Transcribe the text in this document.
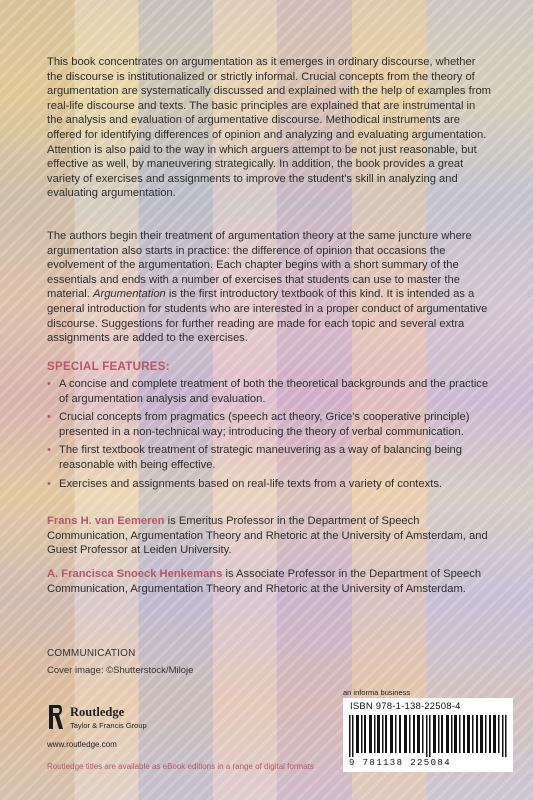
This book concentrates on argumentation as it emerges in ordinary discourse, whether the discourse is institutionalized or strictly informal. Crucial concepts from the theory of argumentation are systematically discussed and explained with the help of examples from real-life discourse and texts. The basic principles are explained that are instrumental in the analysis and evaluation of argumentative discourse. Methodical instruments are offered for identifying differences of opinion and analyzing and evaluating argumentation. Attention is also paid to the way in which arguers attempt to be not just reasonable, but effective as well, by maneuvering strategically. In addition, the book provides a great variety of exercises and assignments to improve the student's skill in analyzing and evaluating argumentation.

The authors begin their treatment of argumentation theory at the same juncture where argumentation also starts in practice: the difference of opinion that occasions the evolvement of the argumentation. Each chapter begins with a short summary of the essentials and ends with a number of exercises that students can use to master the material. Argumentation is the first introductory textbook of this kind. It is intended as a general introduction for students who are interested in a proper conduct of argumentative discourse. Suggestions for further reading are made for each topic and several extra assignments are added to the exercises.

SPECIAL FEATURES:

• A concise and complete treatment of both the theoretical backgrounds and the practice of argumentation analysis and evaluation.
• Crucial concepts from pragmatics (speech act theory, Grice's cooperative principle) presented in a non-technical way; introducing the theory of verbal communication.
• The first textbook treatment of strategic maneuvering as a way of balancing being reasonable with being effective.
• Exercises and assignments based on real-life texts from a variety of contexts.

Frans H. van Eemeren is Emeritus Professor in the Department of Speech Communication, Argumentation Theory and Rhetoric at the University of Amsterdam, and Guest Professor at Leiden University.

A. Francisca Snoeck Henkemans is Associate Professor in the Department of Speech Communication, Argumentation Theory and Rhetoric at the University of Amsterdam.

COMMUNICATION
Cover image: ©Shutterstock/Miloje
Routledge
Taylor & Francis Group
www.routledge.com
an informa business
ISBN 978-1-138-22508-4
9 781138 225084
Routledge titles are available as eBook editions in a range of digital formats
